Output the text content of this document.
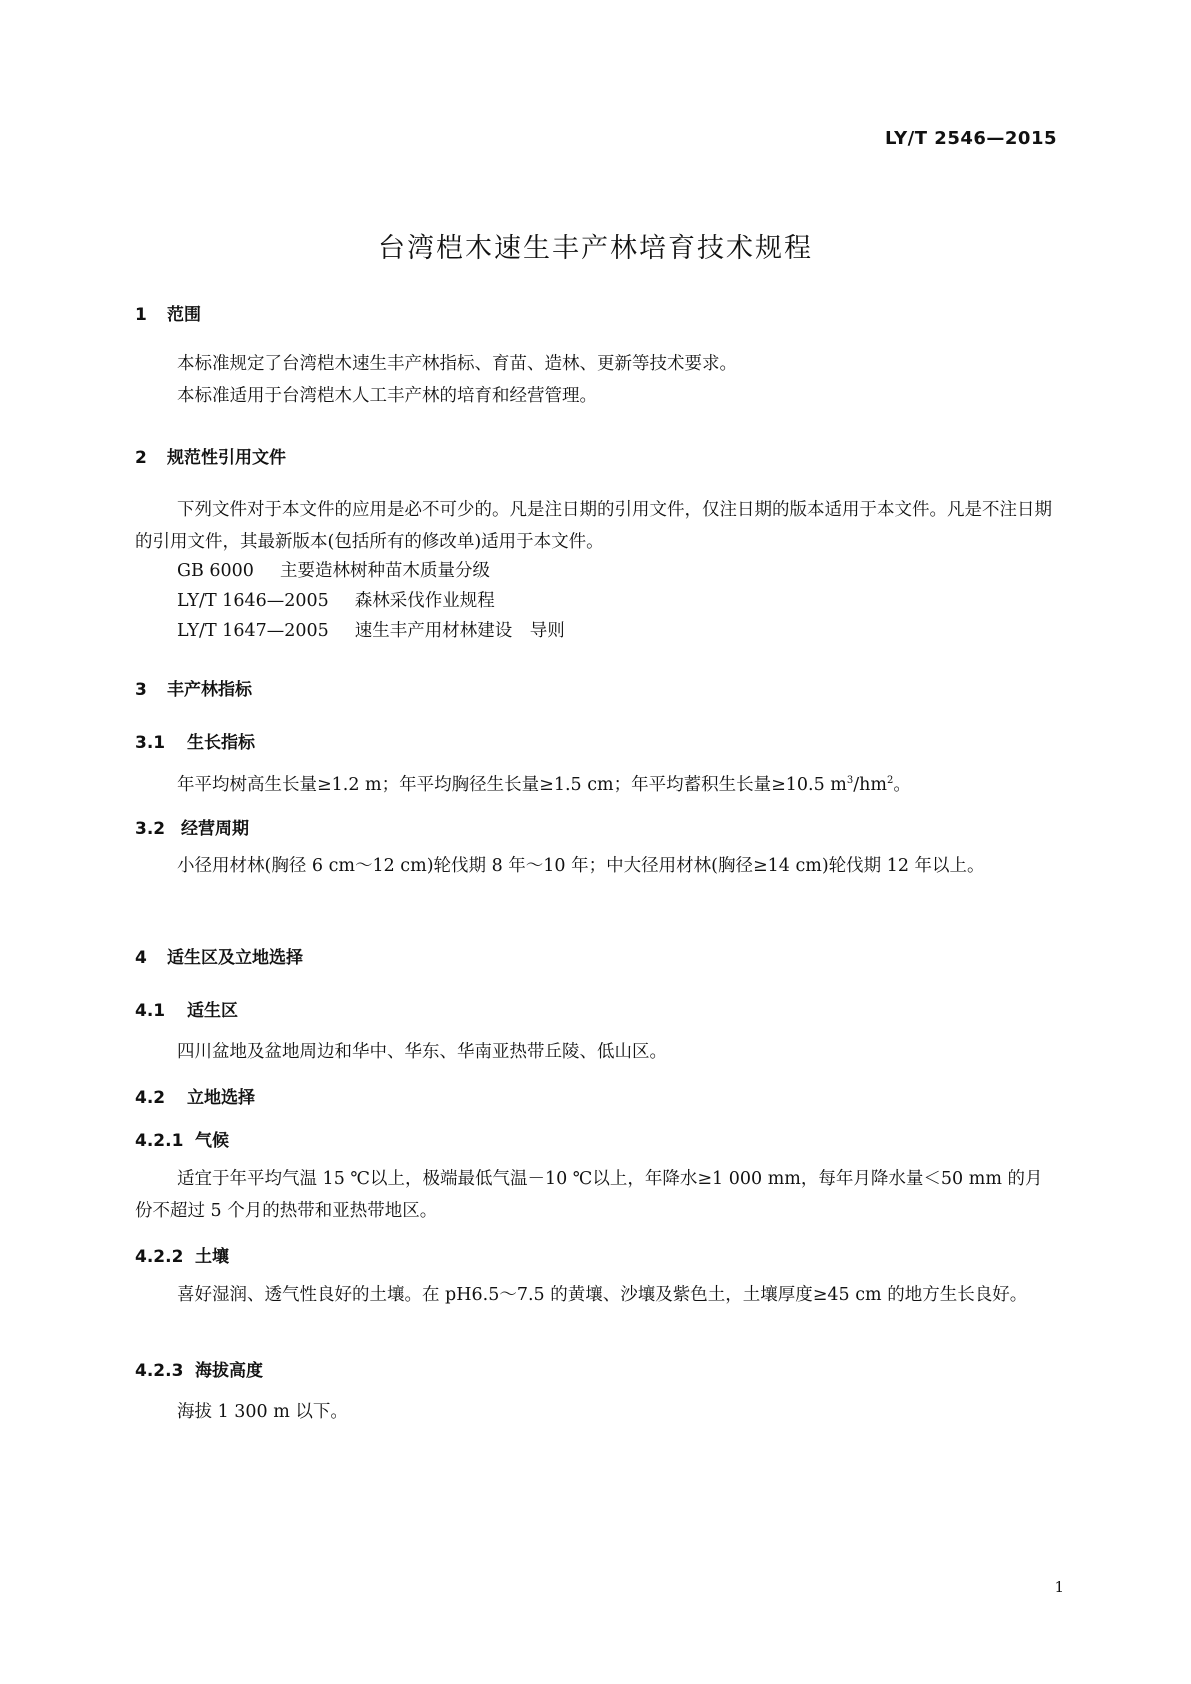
LY/T 2546—2015
台湾桤木速生丰产林培育技术规程
1 范围
本标准规定了台湾桤木速生丰产林指标、育苗、造林、更新等技术要求。
本标准适用于台湾桤木人工丰产林的培育和经营管理。
2 规范性引用文件
下列文件对于本文件的应用是必不可少的。凡是注日期的引用文件，仅注日期的版本适用于本文件。凡是不注日期的引用文件，其最新版本(包括所有的修改单)适用于本文件。
GB 6000 主要造林树种苗木质量分级
LY/T 1646—2005 森林采伐作业规程
LY/T 1647—2005 速生丰产用材林建设　导则
3 丰产林指标
3.1 生长指标
年平均树高生长量≥1.2 m；年平均胸径生长量≥1.5 cm；年平均蓄积生长量≥10.5 $m^3/hm^2$。
3.2 经营周期
小径用材林(胸径 6 cm～12 cm)轮伐期 8 年～10 年；中大径用材林(胸径≥14 cm)轮伐期 12 年以上。
4 适生区及立地选择
4.1 适生区
四川盆地及盆地周边和华中、华东、华南亚热带丘陵、低山区。
4.2 立地选择
4.2.1 气候
适宜于年平均气温 15 ℃以上，极端最低气温－10 ℃以上，年降水≥1 000 mm，每年月降水量＜50 mm 的月份不超过 5 个月的热带和亚热带地区。
4.2.2 土壤
喜好湿润、透气性良好的土壤。在 pH6.5～7.5 的黄壤、沙壤及紫色土，土壤厚度≥45 cm 的地方生长良好。
4.2.3 海拔高度
海拔 1 300 m 以下。
1
